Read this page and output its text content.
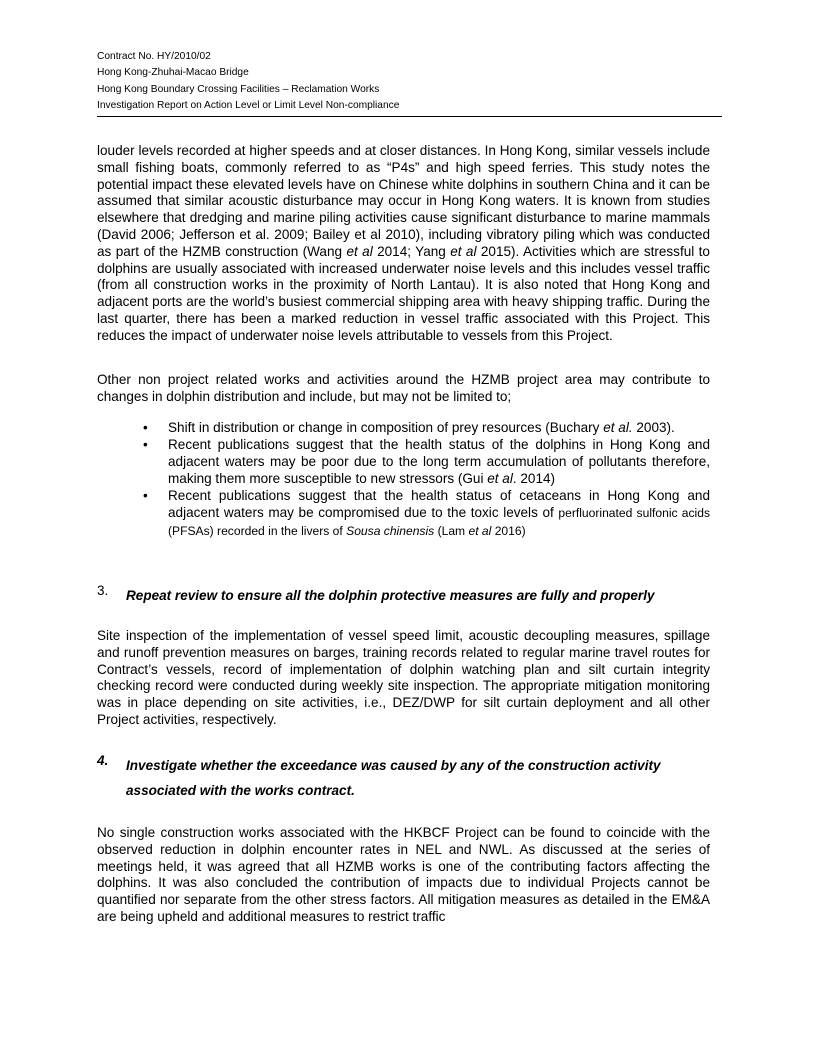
Contract No. HY/2010/02
Hong Kong-Zhuhai-Macao Bridge
Hong Kong Boundary Crossing Facilities – Reclamation Works
Investigation Report on Action Level or Limit Level Non-compliance

louder levels recorded at higher speeds and at closer distances. In Hong Kong, similar vessels include small fishing boats, commonly referred to as “P4s” and high speed ferries. This study notes the potential impact these elevated levels have on Chinese white dolphins in southern China and it can be assumed that similar acoustic disturbance may occur in Hong Kong waters. It is known from studies elsewhere that dredging and marine piling activities cause significant disturbance to marine mammals (David 2006; Jefferson et al. 2009; Bailey et al 2010), including vibratory piling which was conducted as part of the HZMB construction (Wang et al 2014; Yang et al 2015). Activities which are stressful to dolphins are usually associated with increased underwater noise levels and this includes vessel traffic (from all construction works in the proximity of North Lantau). It is also noted that Hong Kong and adjacent ports are the world’s busiest commercial shipping area with heavy shipping traffic. During the last quarter, there has been a marked reduction in vessel traffic associated with this Project. This reduces the impact of underwater noise levels attributable to vessels from this Project.

Other non project related works and activities around the HZMB project area may contribute to changes in dolphin distribution and include, but may not be limited to;

• Shift in distribution or change in composition of prey resources (Buchary et al. 2003).
• Recent publications suggest that the health status of the dolphins in Hong Kong and adjacent waters may be poor due to the long term accumulation of pollutants therefore, making them more susceptible to new stressors (Gui et al. 2014)
• Recent publications suggest that the health status of cetaceans in Hong Kong and adjacent waters may be compromised due to the toxic levels of perfluorinated sulfonic acids (PFSAs) recorded in the livers of Sousa chinensis (Lam et al 2016)
3. Repeat review to ensure all the dolphin protective measures are fully and properly

Site inspection of the implementation of vessel speed limit, acoustic decoupling measures, spillage and runoff prevention measures on barges, training records related to regular marine travel routes for Contract’s vessels, record of implementation of dolphin watching plan and silt curtain integrity checking record were conducted during weekly site inspection. The appropriate mitigation monitoring was in place depending on site activities, i.e., DEZ/DWP for silt curtain deployment and all other Project activities, respectively.

4. Investigate whether the exceedance was caused by any of the construction activity associated with the works contract.

No single construction works associated with the HKBCF Project can be found to coincide with the observed reduction in dolphin encounter rates in NEL and NWL. As discussed at the series of meetings held, it was agreed that all HZMB works is one of the contributing factors affecting the dolphins. It was also concluded the contribution of impacts due to individual Projects cannot be quantified nor separate from the other stress factors. All mitigation measures as detailed in the EM&A are being upheld and additional measures to restrict traffic
